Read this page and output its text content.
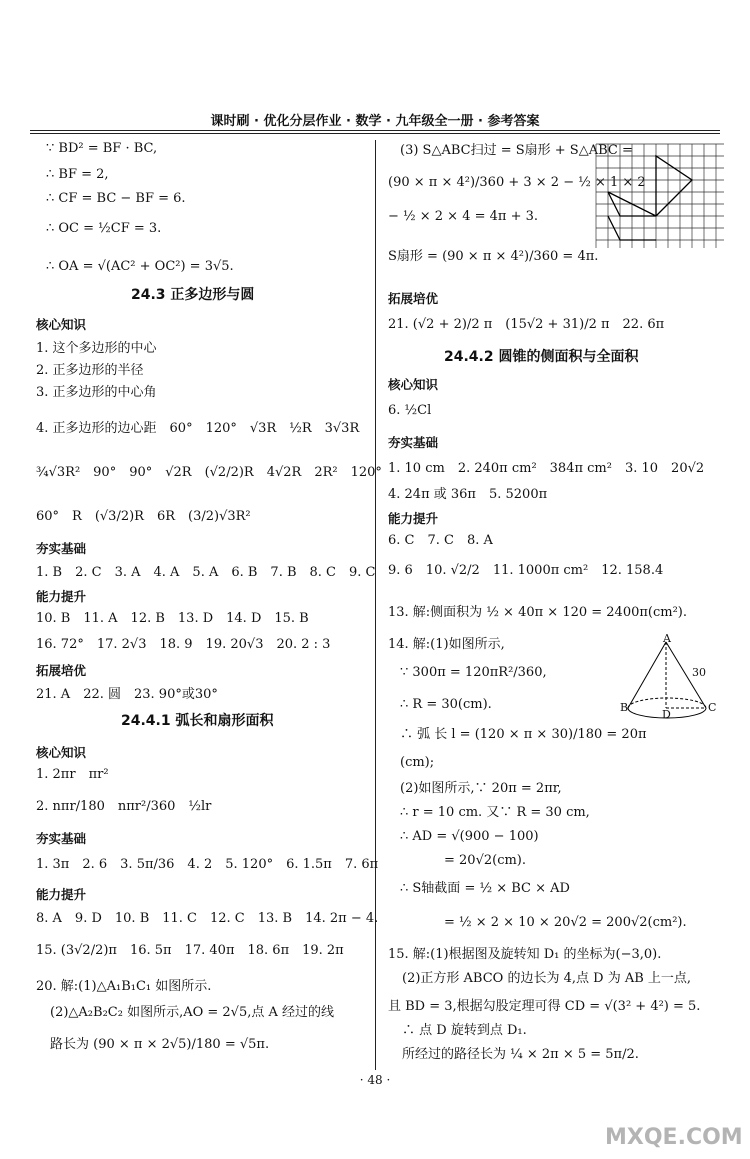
课时刷 · 优化分层作业 · 数学 · 九年级全一册 · 参考答案
∵ BD² = BF · BC,
∴ BF = 2,
∴ CF = BC − BF = 6.
∴ OC = ½CF = 3.
∴ OA = √(AC² + OC²) = 3√5.
24.3 正多边形与圆
核心知识
1. 这个多边形的中心
2. 正多边形的半径
3. 正多边形的中心角
4. 正多边形的边心距　60°　120°　√3R　½R　3√3R
¾√3R²　90°　90°　√2R　(√2/2)R　4√2R　2R²　120°
60°　R　(√3/2)R　6R　(3/2)√3R²
夯实基础
1. B　2. C　3. A　4. A　5. A　6. B　7. B　8. C　9. C
能力提升
10. B　11. A　12. B　13. D　14. D　15. B
16. 72°　17. 2√3　18. 9　19. 20√3　20. 2 : 3
拓展培优
21. A　22. 圆　23. 90°或30°
24.4.1 弧长和扇形面积
核心知识
1. 2πr　πr²
2. nπr/180　nπr²/360　½lr
夯实基础
1. 3π　2. 6　3. 5π/36　4. 2　5. 120°　6. 1.5π　7. 6π
能力提升
8. A　9. D　10. B　11. C　12. C　13. B　14. 2π − 4.
15. (3√2/2)π　16. 5π　17. 40π　18. 6π　19. 2π
20. 解:(1)△A₁B₁C₁ 如图所示.
(2)△A₂B₂C₂ 如图所示,AO = 2√5,点 A 经过的线
路长为 (90 × π × 2√5)/180 = √5π.
(3) S△ABC扫过 = S扇形 + S△ABC =
(90 × π × 4²)/360 + 3 × 2 − ½ × 1 × 2
− ½ × 2 × 4 = 4π + 3.
S扇形 = (90 × π × 4²)/360 = 4π.
拓展培优
21. (√2 + 2)/2 π　(15√2 + 31)/2 π　22. 6π
24.4.2 圆锥的侧面积与全面积
核心知识
6. ½Cl
夯实基础
1. 10 cm　2. 240π cm²　384π cm²　3. 10　20√2
4. 24π 或 36π　5. 5200π
能力提升
6. C　7. C　8. A
9. 6　10. √2/2　11. 1000π cm²　12. 158.4
13. 解:侧面积为 ½ × 40π × 120 = 2400π(cm²).
14. 解:(1)如图所示,
∵ 300π = 120πR²/360,
∴ R = 30(cm).
∴ 弧 长 l = (120 × π × 30)/180 = 20π
(cm);
(2)如图所示,∵ 20π = 2πr,
∴ r = 10 cm. 又∵ R = 30 cm,
∴ AD = √(900 − 100)
= 20√2(cm).
∴ S轴截面 = ½ × BC × AD
= ½ × 2 × 10 × 20√2 = 200√2(cm²).
15. 解:(1)根据图及旋转知 D₁ 的坐标为(−3,0).
(2)正方形 ABCO 的边长为 4,点 D 为 AB 上一点,
且 BD = 3,根据勾股定理可得 CD = √(3² + 4²) = 5.
∴ 点 D 旋转到点 D₁.
所经过的路径长为 ¼ × 2π × 5 = 5π/2.
A
30
B
D
C
· 48 ·
MXQE.COM
